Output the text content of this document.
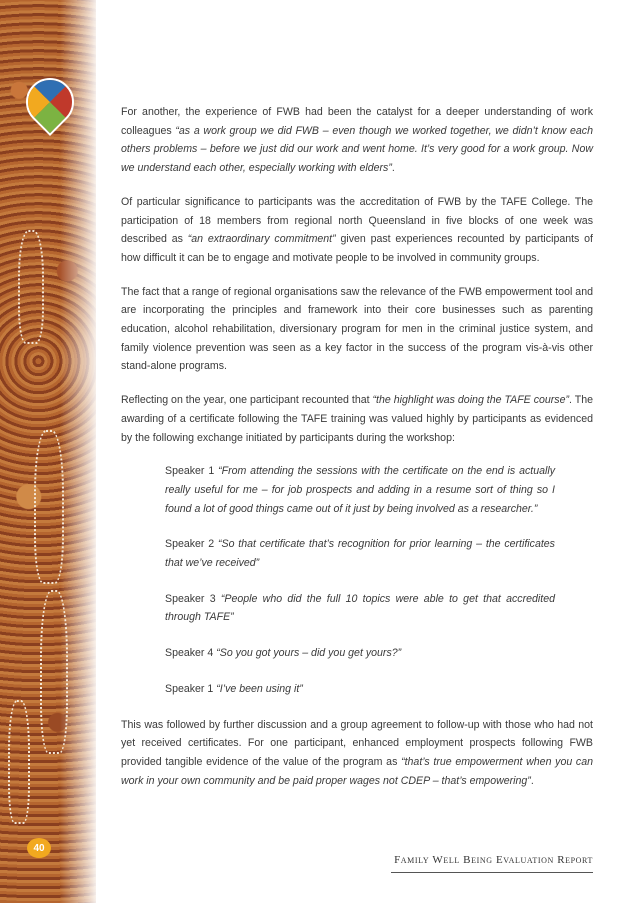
For another, the experience of FWB had been the catalyst for a deeper understanding of work colleagues “as a work group we did FWB – even though we worked together, we didn’t know each others problems – before we just did our work and went home. It’s very good for a work group. Now we understand each other, especially working with elders”.

Of particular significance to participants was the accreditation of FWB by the TAFE College. The participation of 18 members from regional north Queensland in five blocks of one week was described as “an extraordinary commitment” given past experiences recounted by participants of how difficult it can be to engage and motivate people to be involved in community groups.

The fact that a range of regional organisations saw the relevance of the FWB empowerment tool and are incorporating the principles and framework into their core businesses such as parenting education, alcohol rehabilitation, diversionary program for men in the criminal justice system, and family violence prevention was seen as a key factor in the success of the program vis-à-vis other stand-alone programs.

Reflecting on the year, one participant recounted that “the highlight was doing the TAFE course”. The awarding of a certificate following the TAFE training was valued highly by participants as evidenced by the following exchange initiated by participants during the workshop:

Speaker 1 “From attending the sessions with the certificate on the end is actually really useful for me – for job prospects and adding in a resume sort of thing so I found a lot of good things came out of it just by being involved as a researcher.”

Speaker 2 “So that certificate that’s recognition for prior learning – the certificates that we’ve received”

Speaker 3 “People who did the full 10 topics were able to get that accredited through TAFE”

Speaker 4 “So you got yours – did you get yours?”

Speaker 1 “I’ve been using it”

This was followed by further discussion and a group agreement to follow-up with those who had not yet received certificates. For one participant, enhanced employment prospects following FWB provided tangible evidence of the value of the program as “that’s true empowerment when you can work in your own community and be paid proper wages not CDEP – that’s empowering”.

40
Family Well Being Evaluation Report
